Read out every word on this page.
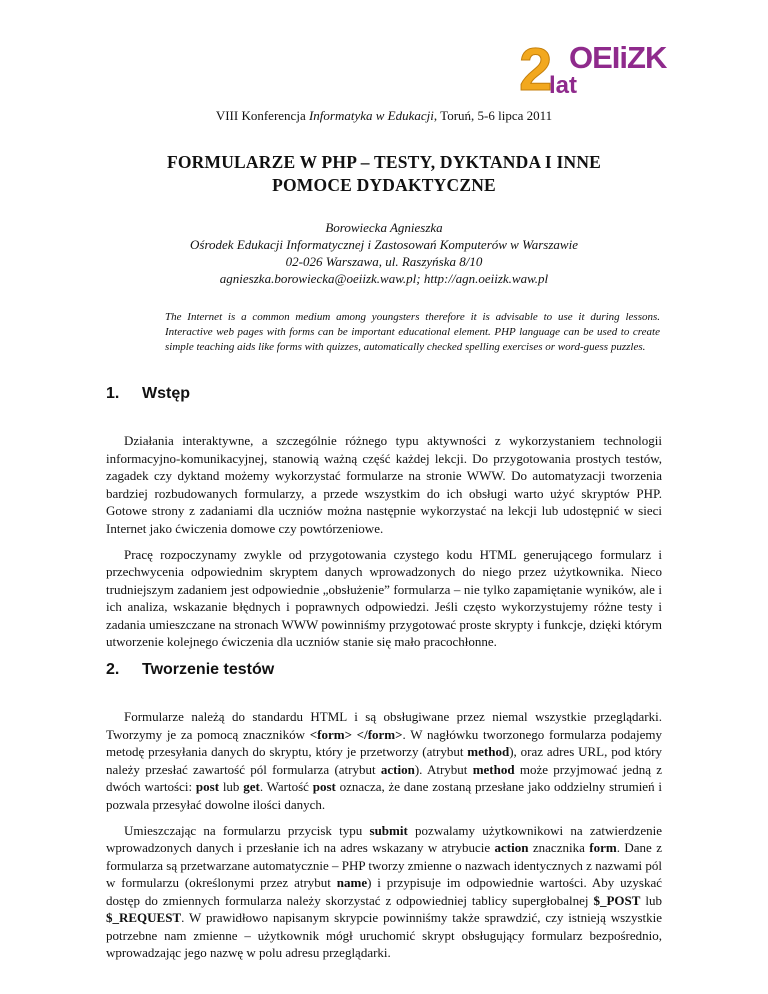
2 OEIiZK
lat
VIII Konferencja Informatyka w Edukacji, Toruń, 5-6 lipca 2011
FORMULARZE W PHP – TESTY, DYKTANDA I INNE
POMOCE DYDAKTYCZNE
Borowiecka Agnieszka
Ośrodek Edukacji Informatycznej i Zastosowań Komputerów w Warszawie
02-026 Warszawa, ul. Raszyńska 8/10
agnieszka.borowiecka@oeiizk.waw.pl; http://agn.oeiizk.waw.pl

The Internet is a common medium among youngsters therefore it is advisable to use it during lessons. Interactive web pages with forms can be important educational element. PHP language can be used to create simple teaching aids like forms with quizzes, automatically checked spelling exercises or word-guess puzzles.

1. Wstęp

Działania interaktywne, a szczególnie różnego typu aktywności z wykorzystaniem technologii informacyjno-komunikacyjnej, stanowią ważną część każdej lekcji. Do przygotowania prostych testów, zagadek czy dyktand możemy wykorzystać formularze na stronie WWW. Do automatyzacji tworzenia bardziej rozbudowanych formularzy, a przede wszystkim do ich obsługi warto użyć skryptów PHP. Gotowe strony z zadaniami dla uczniów można następnie wykorzystać na lekcji lub udostępnić w sieci Internet jako ćwiczenia domowe czy powtórzeniowe.

Pracę rozpoczynamy zwykle od przygotowania czystego kodu HTML generującego formularz i przechwycenia odpowiednim skryptem danych wprowadzonych do niego przez użytkownika. Nieco trudniejszym zadaniem jest odpowiednie „obsłużenie” formularza – nie tylko zapamiętanie wyników, ale i ich analiza, wskazanie błędnych i poprawnych odpowiedzi. Jeśli często wykorzystujemy różne testy i zadania umieszczane na stronach WWW powinniśmy przygotować proste skrypty i funkcje, dzięki którym utworzenie kolejnego ćwiczenia dla uczniów stanie się mało pracochłonne.

2. Tworzenie testów

Formularze należą do standardu HTML i są obsługiwane przez niemal wszystkie przeglądarki. Tworzymy je za pomocą znaczników <form> </form>. W nagłówku tworzonego formularza podajemy metodę przesyłania danych do skryptu, który je przetworzy (atrybut method), oraz adres URL, pod który należy przesłać zawartość pól formularza (atrybut action). Atrybut method może przyjmować jedną z dwóch wartości: post lub get. Wartość post oznacza, że dane zostaną przesłane jako oddzielny strumień i pozwala przesyłać dowolne ilości danych.

Umieszczając na formularzu przycisk typu submit pozwalamy użytkownikowi na zatwierdzenie wprowadzonych danych i przesłanie ich na adres wskazany w atrybucie action znacznika form. Dane z formularza są przetwarzane automatycznie – PHP tworzy zmienne o nazwach identycznych z nazwami pól w formularzu (określonymi przez atrybut name) i przypisuje im odpowiednie wartości. Aby uzyskać dostęp do zmiennych formularza należy skorzystać z odpowiedniej tablicy supergłobalnej $_POST lub $_REQUEST. W prawidłowo napisanym skrypcie powinniśmy także sprawdzić, czy istnieją wszystkie potrzebne nam zmienne – użytkownik mógł uruchomić skrypt obsługujący formularz bezpośrednio, wprowadzając jego nazwę w polu adresu przeglądarki.
